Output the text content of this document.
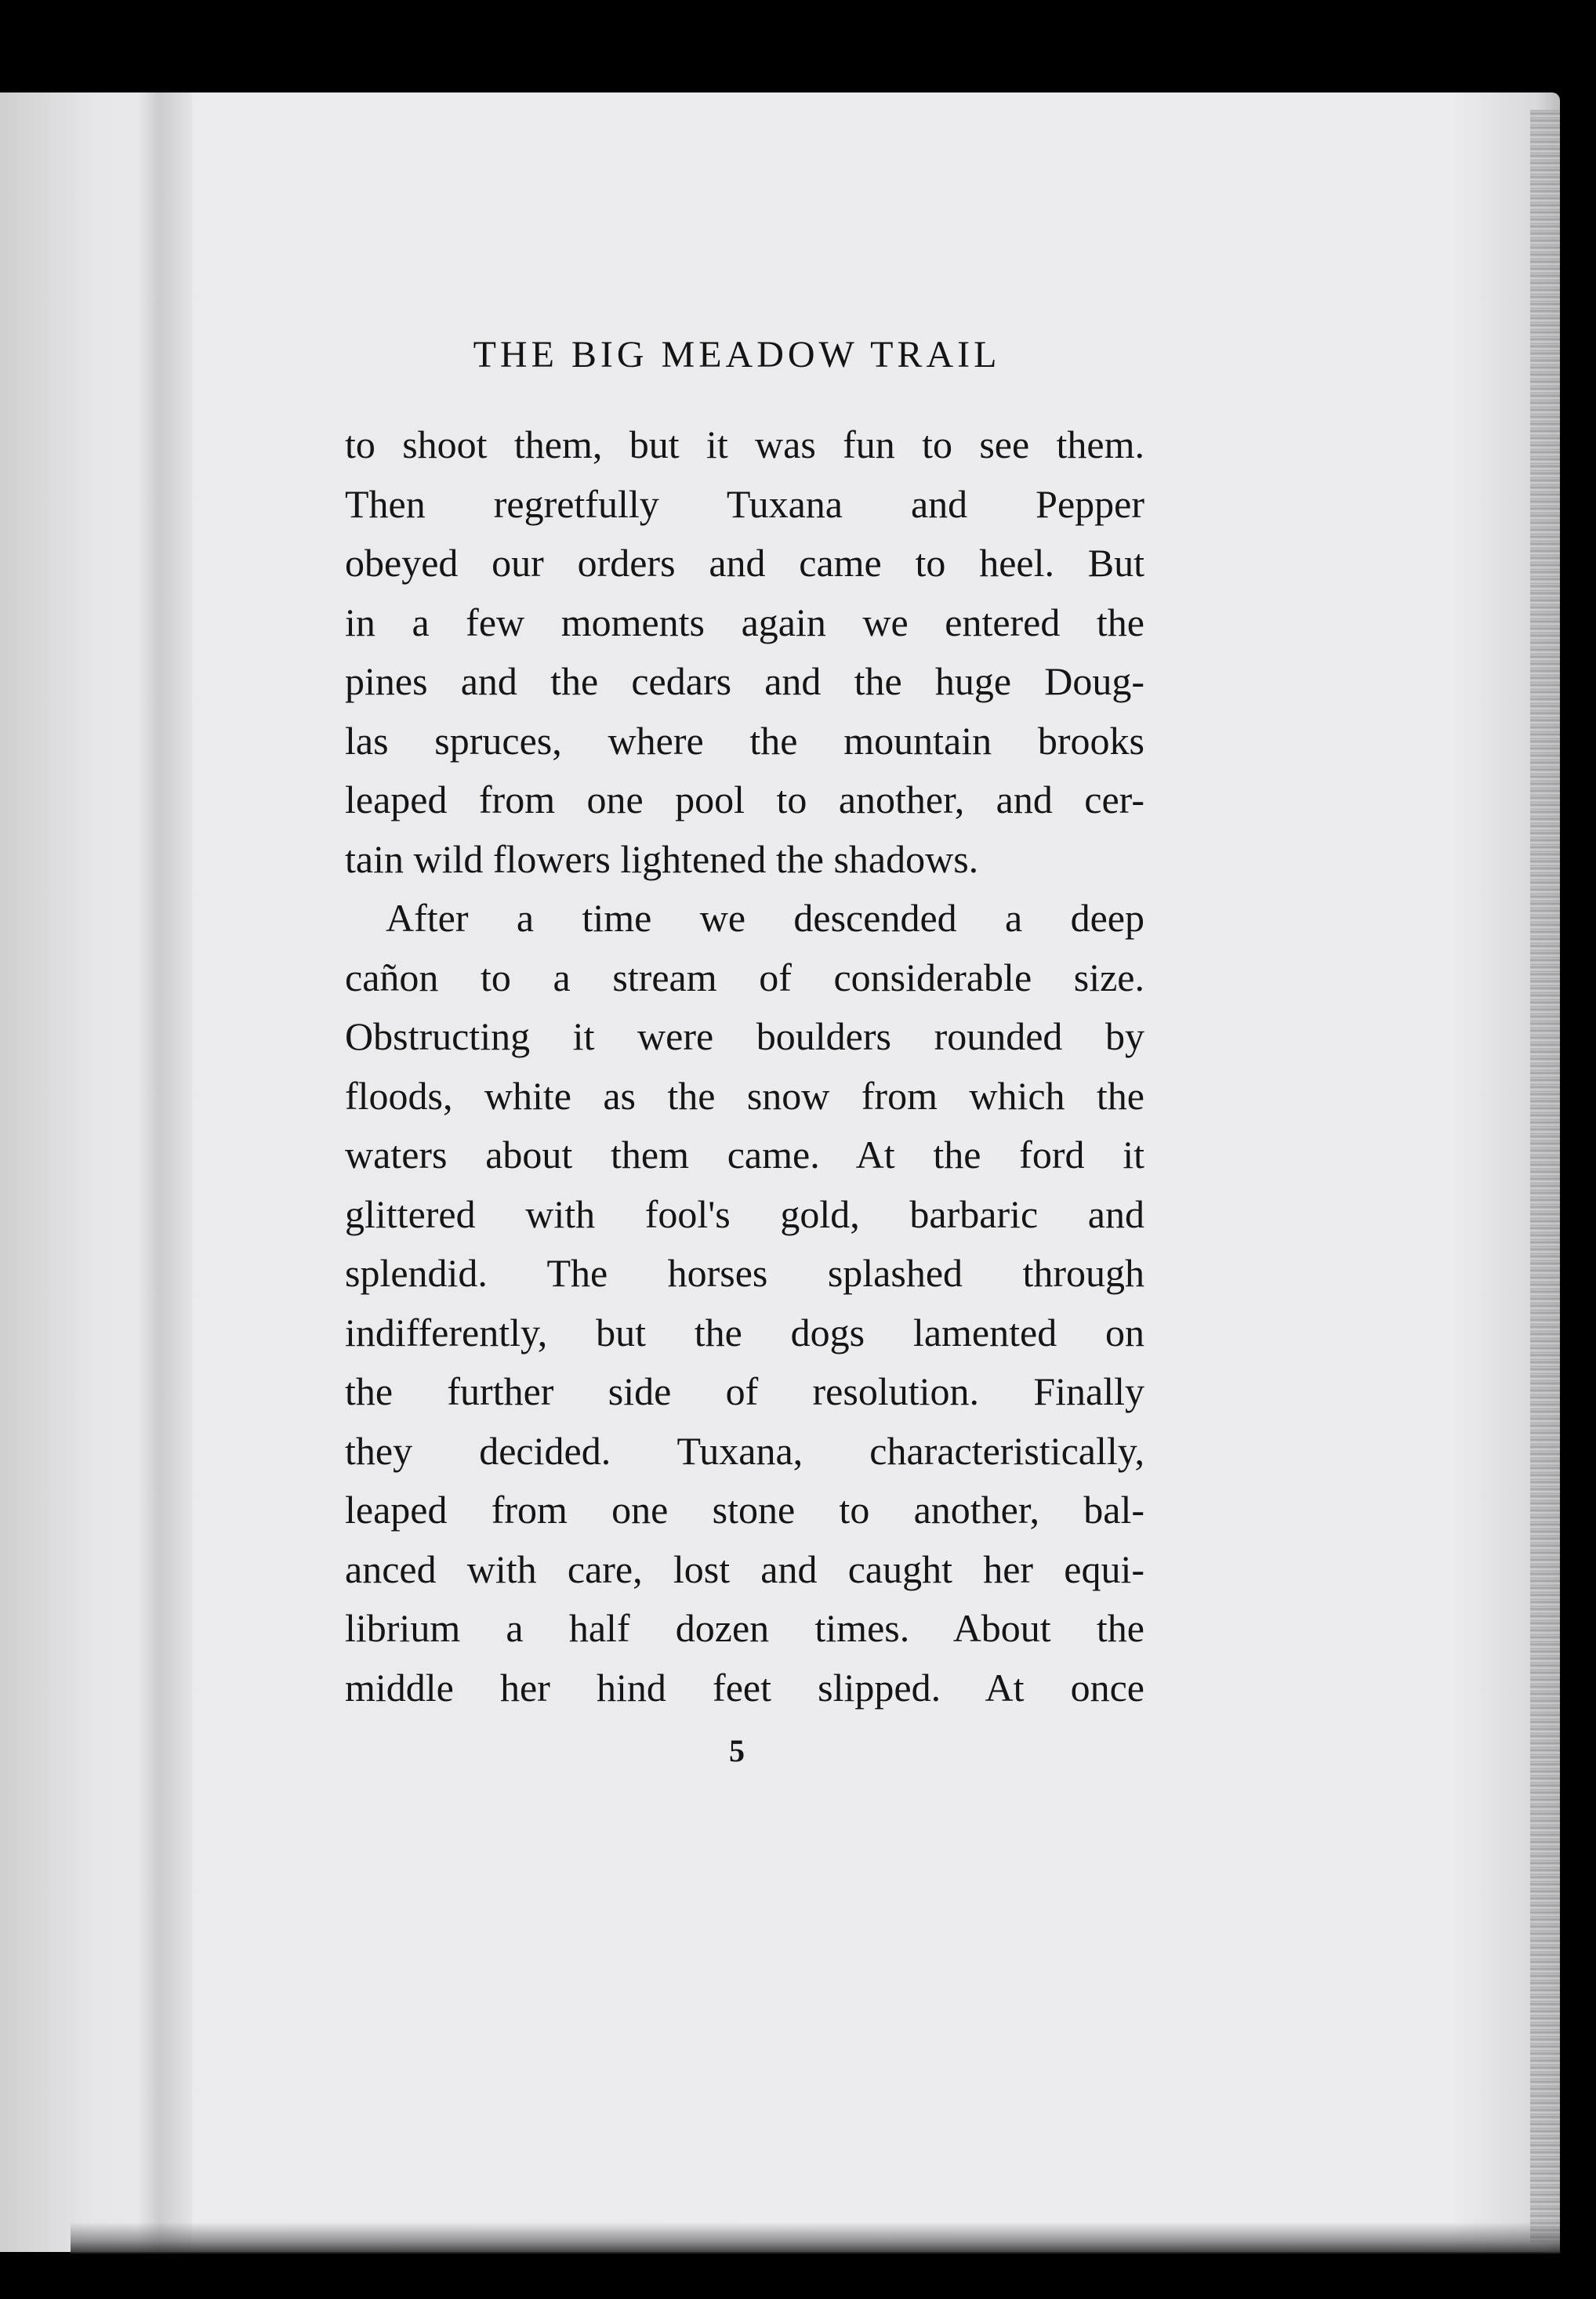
THE BIG MEADOW TRAIL
to shoot them, but it was fun to see them.
Then regretfully Tuxana and Pepper
obeyed our orders and came to heel. But
in a few moments again we entered the
pines and the cedars and the huge Doug-
las spruces, where the mountain brooks
leaped from one pool to another, and cer-
tain wild flowers lightened the shadows.
After a time we descended a deep
cañon to a stream of considerable size.
Obstructing it were boulders rounded by
floods, white as the snow from which the
waters about them came. At the ford it
glittered with fool's gold, barbaric and
splendid. The horses splashed through
indifferently, but the dogs lamented on
the further side of resolution. Finally
they decided. Tuxana, characteristically,
leaped from one stone to another, bal-
anced with care, lost and caught her equi-
librium a half dozen times. About the
middle her hind feet slipped. At once
5
